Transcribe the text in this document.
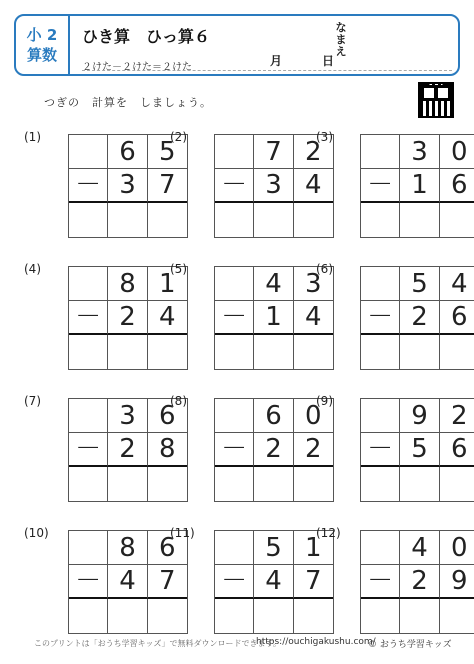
小 2
算数
ひき算　ひっ算６
２けた－２けた＝２けた
なまえ
月	日
つぎの　計算を　しましょう。
(1)	6 5
－ 3 7
(2)	7 2
－ 3 4
(3)	3 0
－ 1 6
(4)	8 1
－ 2 4
(5)	4 3
－ 1 4
(6)	5 4
－ 2 6
(7)	3 6
－ 2 8
(8)	6 0
－ 2 2
(9)	9 2
－ 5 6
(10)	8 6
－ 4 7
(11)	5 1
－ 4 7
(12)	4 0
－ 2 9
このプリントは「おうち学習キッズ」で無料ダウンロードできます。
https://ouchigakushu.com/
© おうち学習キッズ
